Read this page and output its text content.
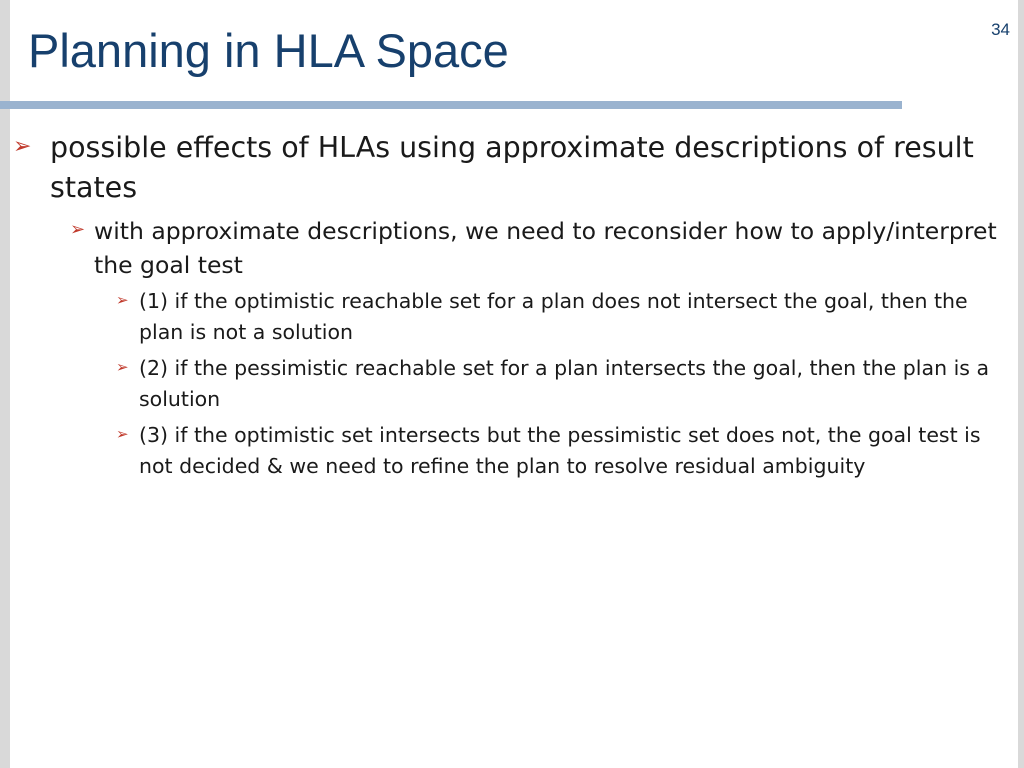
Planning in HLA Space	34
➢ possible effects of HLAs using approximate descriptions of result states
➢ with approximate descriptions, we need to reconsider how to apply/interpret the goal test
➢ (1) if the optimistic reachable set for a plan does not intersect the goal, then the plan is not a solution
➢ (2) if the pessimistic reachable set for a plan intersects the goal, then the plan is a solution
➢ (3) if the optimistic set intersects but the pessimistic set does not, the goal test is not decided & we need to refine the plan to resolve residual ambiguity
